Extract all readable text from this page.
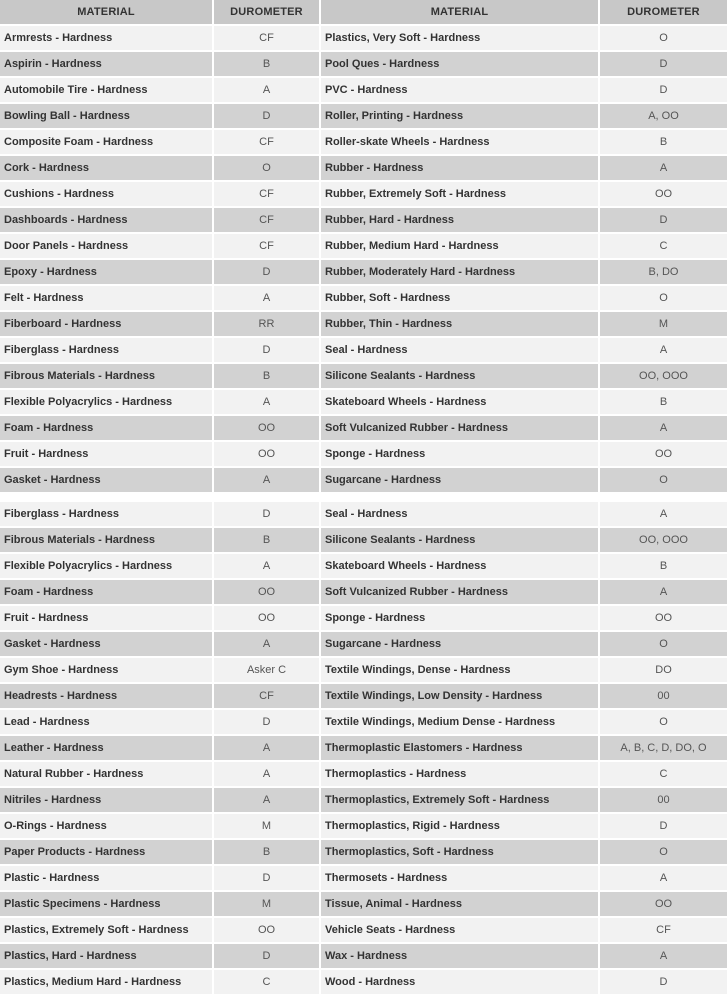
MATERIAL	DUROMETER	MATERIAL	DUROMETER
Armrests - Hardness	CF	Plastics, Very Soft - Hardness	O
Aspirin - Hardness	B	Pool Ques - Hardness	D
Automobile Tire - Hardness	A	PVC - Hardness	D
Bowling Ball - Hardness	D	Roller, Printing - Hardness	A, OO
Composite Foam - Hardness	CF	Roller-skate Wheels - Hardness	B
Cork - Hardness	O	Rubber - Hardness	A
Cushions - Hardness	CF	Rubber, Extremely Soft - Hardness	OO
Dashboards - Hardness	CF	Rubber, Hard - Hardness	D
Door Panels - Hardness	CF	Rubber, Medium Hard - Hardness	C
Epoxy - Hardness	D	Rubber, Moderately Hard - Hardness	B, DO
Felt - Hardness	A	Rubber, Soft - Hardness	O
Fiberboard - Hardness	RR	Rubber, Thin - Hardness	M
Fiberglass - Hardness	D	Seal - Hardness	A
Fibrous Materials - Hardness	B	Silicone Sealants - Hardness	OO, OOO
Flexible Polyacrylics - Hardness	A	Skateboard Wheels - Hardness	B
Foam - Hardness	OO	Soft Vulcanized Rubber - Hardness	A
Fruit - Hardness	OO	Sponge - Hardness	OO
Gasket - Hardness	A	Sugarcane - Hardness	O
Fiberglass - Hardness	D	Seal - Hardness	A
Fibrous Materials - Hardness	B	Silicone Sealants - Hardness	OO, OOO
Flexible Polyacrylics - Hardness	A	Skateboard Wheels - Hardness	B
Foam - Hardness	OO	Soft Vulcanized Rubber - Hardness	A
Fruit - Hardness	OO	Sponge - Hardness	OO
Gasket - Hardness	A	Sugarcane - Hardness	O
Gym Shoe - Hardness	Asker C	Textile Windings, Dense - Hardness	DO
Headrests - Hardness	CF	Textile Windings, Low Density - Hardness	00
Lead - Hardness	D	Textile Windings, Medium Dense - Hardness	O
Leather - Hardness	A	Thermoplastic Elastomers - Hardness	A, B, C, D, DO, O
Natural Rubber - Hardness	A	Thermoplastics - Hardness	C
Nitriles - Hardness	A	Thermoplastics, Extremely Soft - Hardness	00
O-Rings - Hardness	M	Thermoplastics, Rigid - Hardness	D
Paper Products - Hardness	B	Thermoplastics, Soft - Hardness	O
Plastic - Hardness	D	Thermosets - Hardness	A
Plastic Specimens - Hardness	M	Tissue, Animal - Hardness	OO
Plastics, Extremely Soft - Hardness	OO	Vehicle Seats - Hardness	CF
Plastics, Hard - Hardness	D	Wax - Hardness	A
Plastics, Medium Hard - Hardness	C	Wood - Hardness	D
